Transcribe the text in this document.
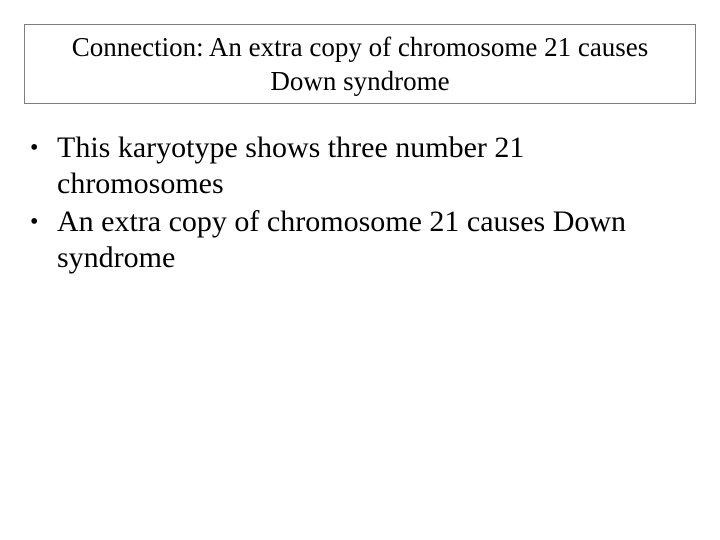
Connection: An extra copy of chromosome 21 causes
Down syndrome

• This karyotype shows three number 21 chromosomes
• An extra copy of chromosome 21 causes Down syndrome
